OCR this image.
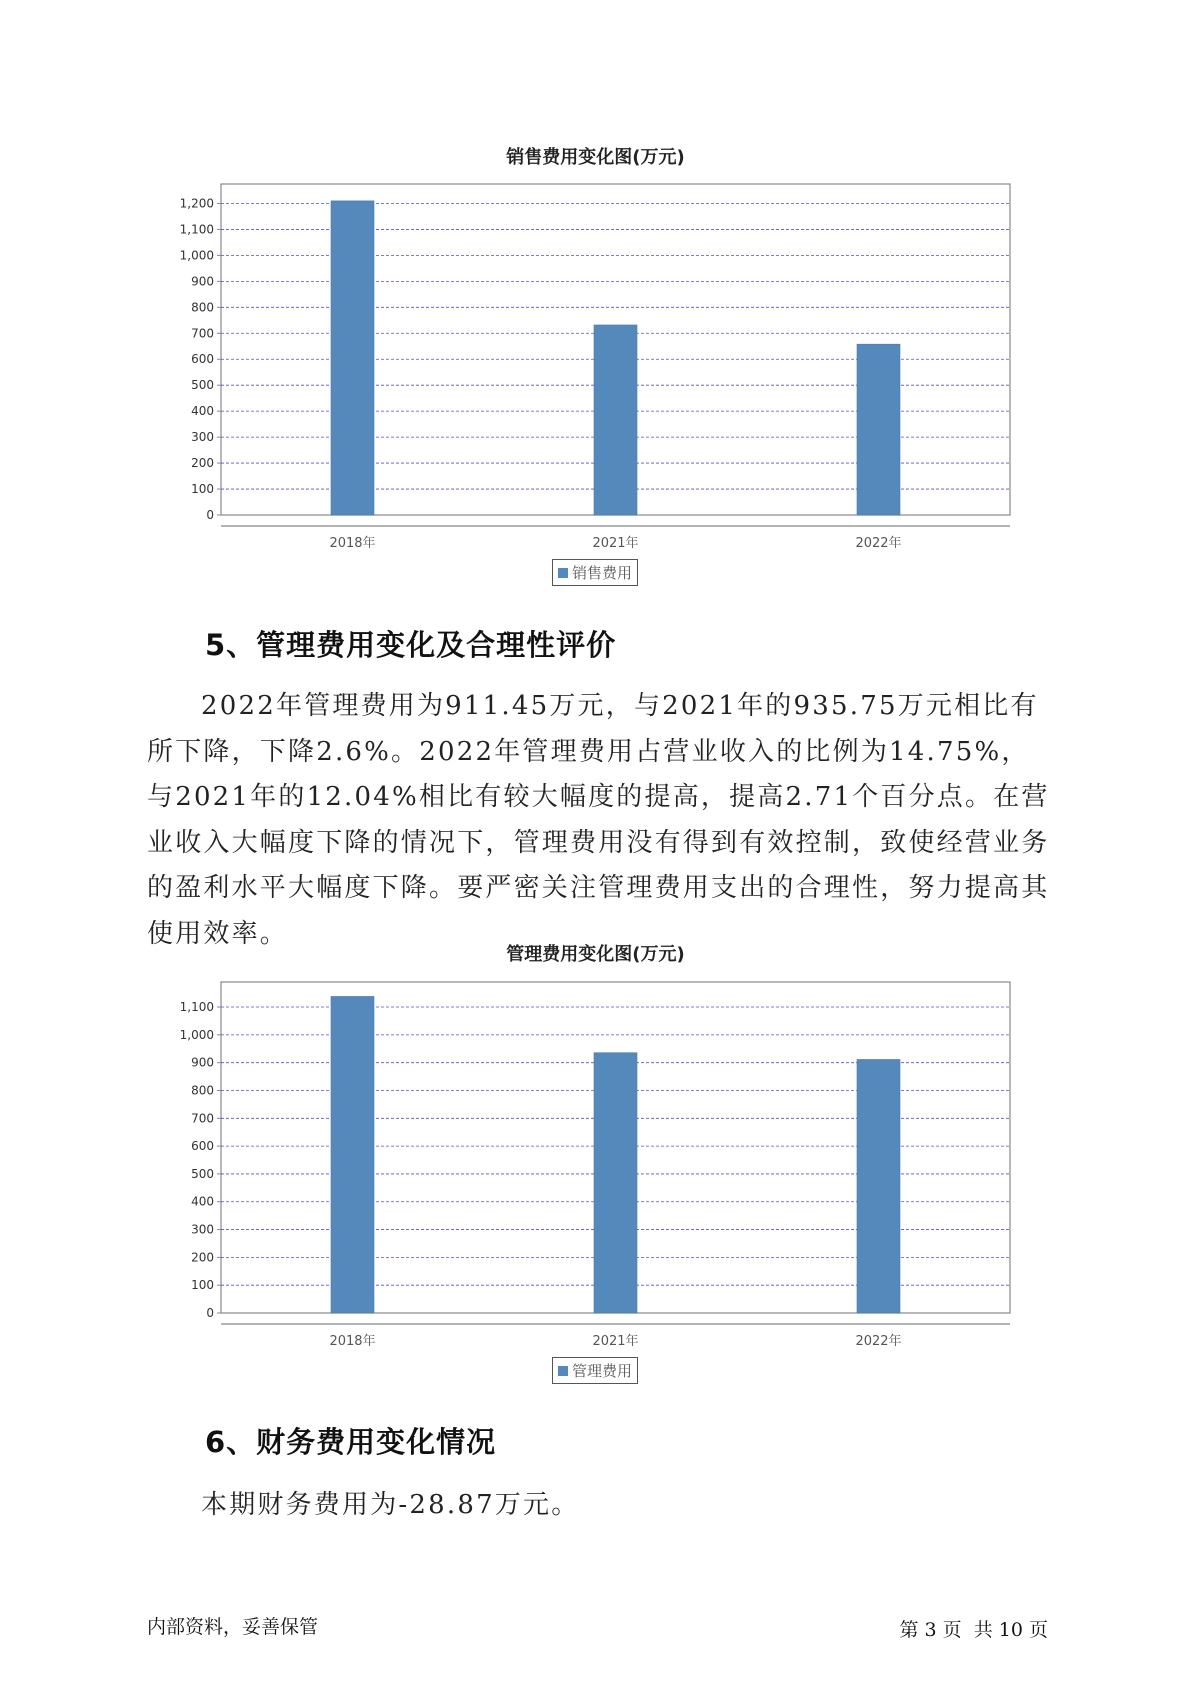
销售费用变化图(万元)
0
100
200
300
400
500
600
700
800
900
1,000
1,100
1,200
2018年	2021年	2022年
销售费用
5、管理费用变化及合理性评价
2022年管理费用为911.45万元，与2021年的935.75万元相比有所下降，下降2.6%。2022年管理费用占营业收入的比例为14.75%，与2021年的12.04%相比有较大幅度的提高，提高2.71个百分点。在营业收入大幅度下降的情况下，管理费用没有得到有效控制，致使经营业务的盈利水平大幅度下降。要严密关注管理费用支出的合理性，努力提高其使用效率。
管理费用变化图(万元)
0
100
200
300
400
500
600
700
800
900
1,000
1,100
2018年	2021年	2022年
管理费用
6、财务费用变化情况
本期财务费用为-28.87万元。
内部资料，妥善保管	第 3 页  共 10 页
